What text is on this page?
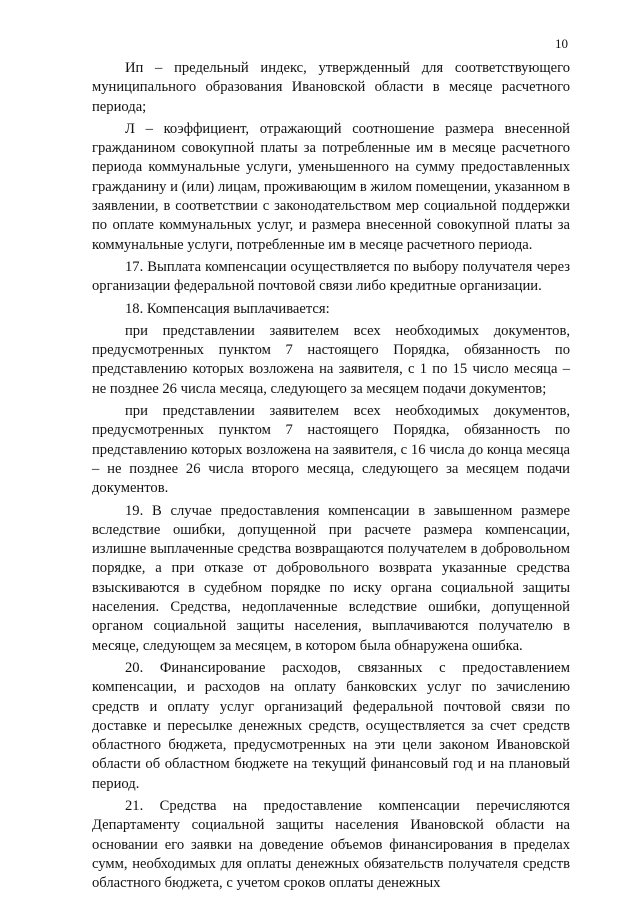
10

Ип – предельный индекс, утвержденный для соответствующего муниципального образования Ивановской области в месяце расчетного периода;

Л – коэффициент, отражающий соотношение размера внесенной гражданином совокупной платы за потребленные им в месяце расчетного периода коммунальные услуги, уменьшенного на сумму предоставленных гражданину и (или) лицам, проживающим в жилом помещении, указанном в заявлении, в соответствии с законодательством мер социальной поддержки по оплате коммунальных услуг, и размера внесенной совокупной платы за коммунальные услуги, потребленные им в месяце расчетного периода.

17. Выплата компенсации осуществляется по выбору получателя через организации федеральной почтовой связи либо кредитные организации.

18. Компенсация выплачивается:

при представлении заявителем всех необходимых документов, предусмотренных пунктом 7 настоящего Порядка, обязанность по представлению которых возложена на заявителя, с 1 по 15 число месяца – не позднее 26 числа месяца, следующего за месяцем подачи документов;

при представлении заявителем всех необходимых документов, предусмотренных пунктом 7 настоящего Порядка, обязанность по представлению которых возложена на заявителя, с 16 числа до конца месяца – не позднее 26 числа второго месяца, следующего за месяцем подачи документов.

19. В случае предоставления компенсации в завышенном размере вследствие ошибки, допущенной при расчете размера компенсации, излишне выплаченные средства возвращаются получателем в добровольном порядке, а при отказе от добровольного возврата указанные средства взыскиваются в судебном порядке по иску органа социальной защиты населения. Средства, недоплаченные вследствие ошибки, допущенной органом социальной защиты населения, выплачиваются получателю в месяце, следующем за месяцем, в котором была обнаружена ошибка.

20. Финансирование расходов, связанных с предоставлением компенсации, и расходов на оплату банковских услуг по зачислению средств и оплату услуг организаций федеральной почтовой связи по доставке и пересылке денежных средств, осуществляется за счет средств областного бюджета, предусмотренных на эти цели законом Ивановской области об областном бюджете на текущий финансовый год и на плановый период.

21. Средства на предоставление компенсации перечисляются Департаменту социальной защиты населения Ивановской области на основании его заявки на доведение объемов финансирования в пределах сумм, необходимых для оплаты денежных обязательств получателя средств областного бюджета, с учетом сроков оплаты денежных
